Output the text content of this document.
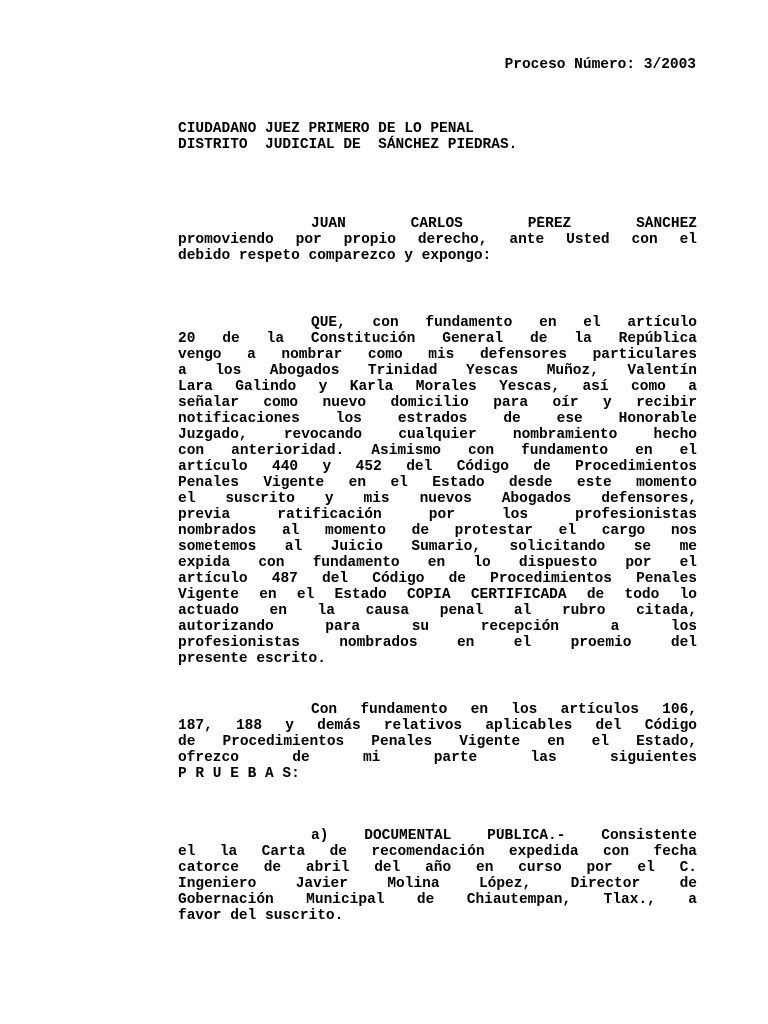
Proceso Número: 3/2003
CIUDADANO JUEZ PRIMERO DE LO PENAL
DISTRITO  JUDICIAL DE  SÁNCHEZ PIEDRAS.
JUAN CARLOS PÉREZ SÁNCHEZ
promoviendo por propio derecho, ante Usted con el
debido respeto comparezco y expongo:
QUE, con fundamento en el artículo
20 de la Constitución General de la República
vengo a nombrar como mis defensores particulares
a los Abogados Trinidad Yescas Muñoz, Valentín
Lara Galindo y Karla Morales Yescas, así como a
señalar como nuevo domicilio para oír y recibir
notificaciones los estrados de ese Honorable
Juzgado, revocando cualquier nombramiento hecho
con anterioridad. Asimismo con fundamento en el
artículo 440 y 452 del Código de Procedimientos
Penales Vigente en el Estado desde este momento
el suscrito y mis nuevos Abogados defensores,
previa ratificación por los profesionistas
nombrados al momento de protestar el cargo nos
sometemos al Juicio Sumario, solicitando se me
expida con fundamento en lo dispuesto por el
artículo 487 del Código de Procedimientos Penales
Vigente en el Estado COPIA CERTIFICADA de todo lo
actuado en la causa penal al rubro citada,
autorizando para su recepción a los
profesionistas nombrados en el proemio del
presente escrito.
Con fundamento en los artículos 106,
187, 188 y demás relativos aplicables del Código
de Procedimientos Penales Vigente en el Estado,
ofrezco de mi parte las siguientes
P R U E B A S:
a) DOCUMENTAL PÚBLICA.- Consistente
el la Carta de recomendación expedida con fecha
catorce de abril del año en curso por el C.
Ingeniero Javier Molina López, Director de
Gobernación Municipal de Chiautempan, Tlax., a
favor del suscrito.
